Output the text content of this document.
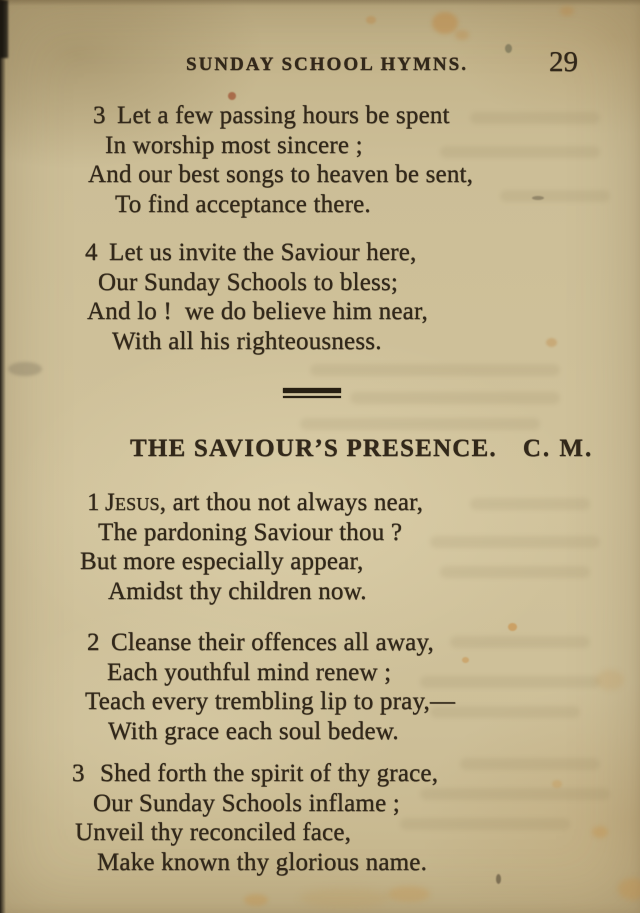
SUNDAY SCHOOL HYMNS.	29
3 Let a few passing hours be spent
In worship most sincere ;
And our best songs to heaven be sent,
To find acceptance there.
4 Let us invite the Saviour here,
Our Sunday Schools to bless;
And lo !  we do believe him near,
With all his righteousness.
THE SAVIOUR’S PRESENCE. C. M.
1 Jesus, art thou not always near,
The pardoning Saviour thou ?
But more especially appear,
Amidst thy children now.
2 Cleanse their offences all away,
Each youthful mind renew ;
Teach every trembling lip to pray,—
With grace each soul bedew.
3 Shed forth the spirit of thy grace,
Our Sunday Schools inflame ;
Unveil thy reconciled face,
Make known thy glorious name.
